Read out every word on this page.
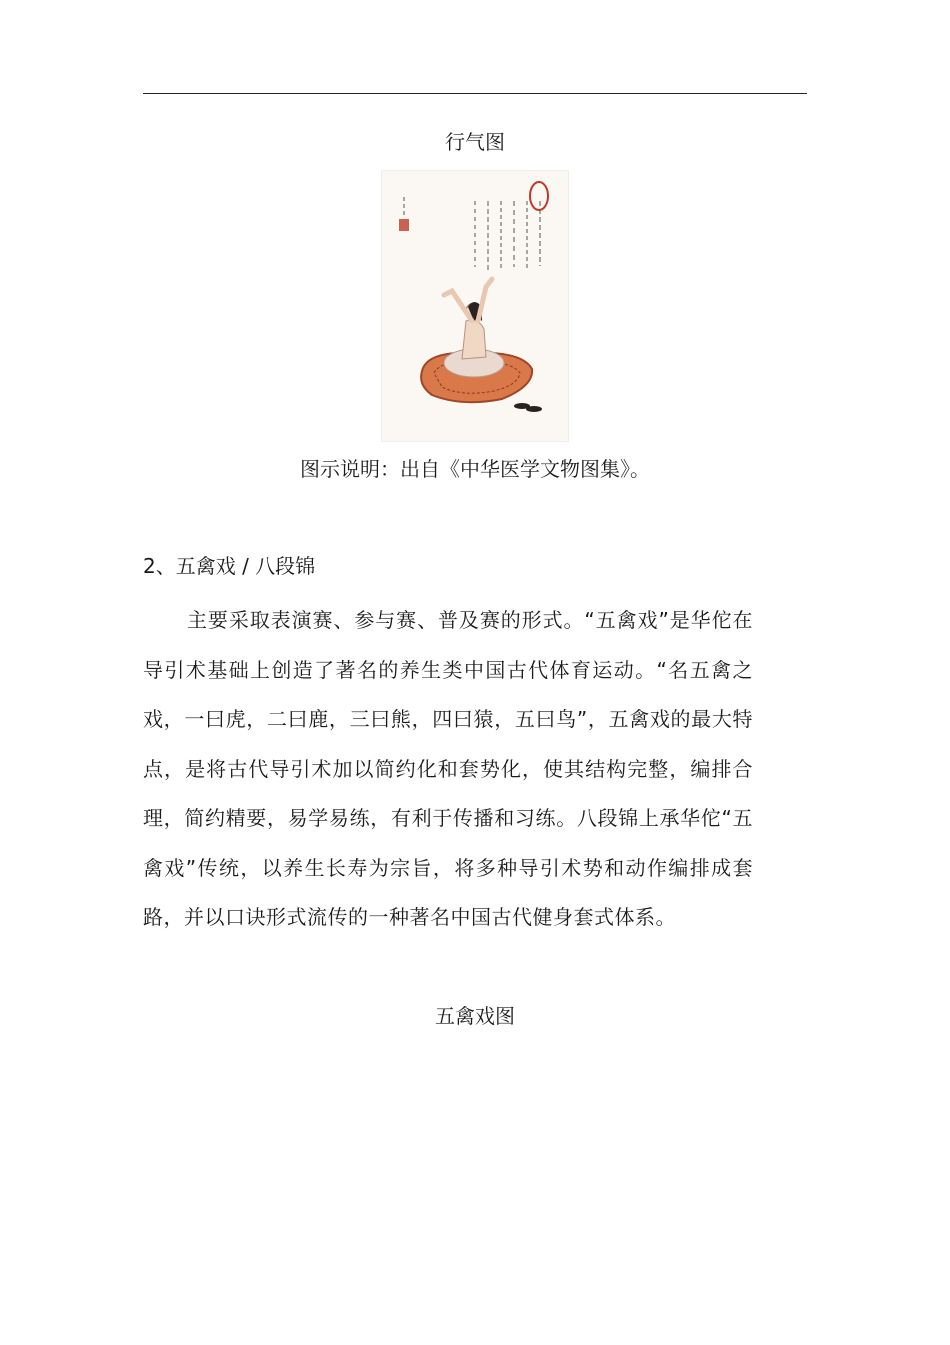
行气图
图示说明：出自《中华医学文物图集》。
2、五禽戏 / 八段锦
主要采取表演赛、参与赛、普及赛的形式。“五禽戏”是华佗在导引术基础上创造了著名的养生类中国古代体育运动。“名五禽之戏，一曰虎，二曰鹿，三曰熊，四曰猿，五曰鸟”，五禽戏的最大特点，是将古代导引术加以简约化和套势化，使其结构完整，编排合理，简约精要，易学易练，有利于传播和习练。八段锦上承华佗“五禽戏”传统，以养生长寿为宗旨，将多种导引术势和动作编排成套路，并以口诀形式流传的一种著名中国古代健身套式体系。
五禽戏图
